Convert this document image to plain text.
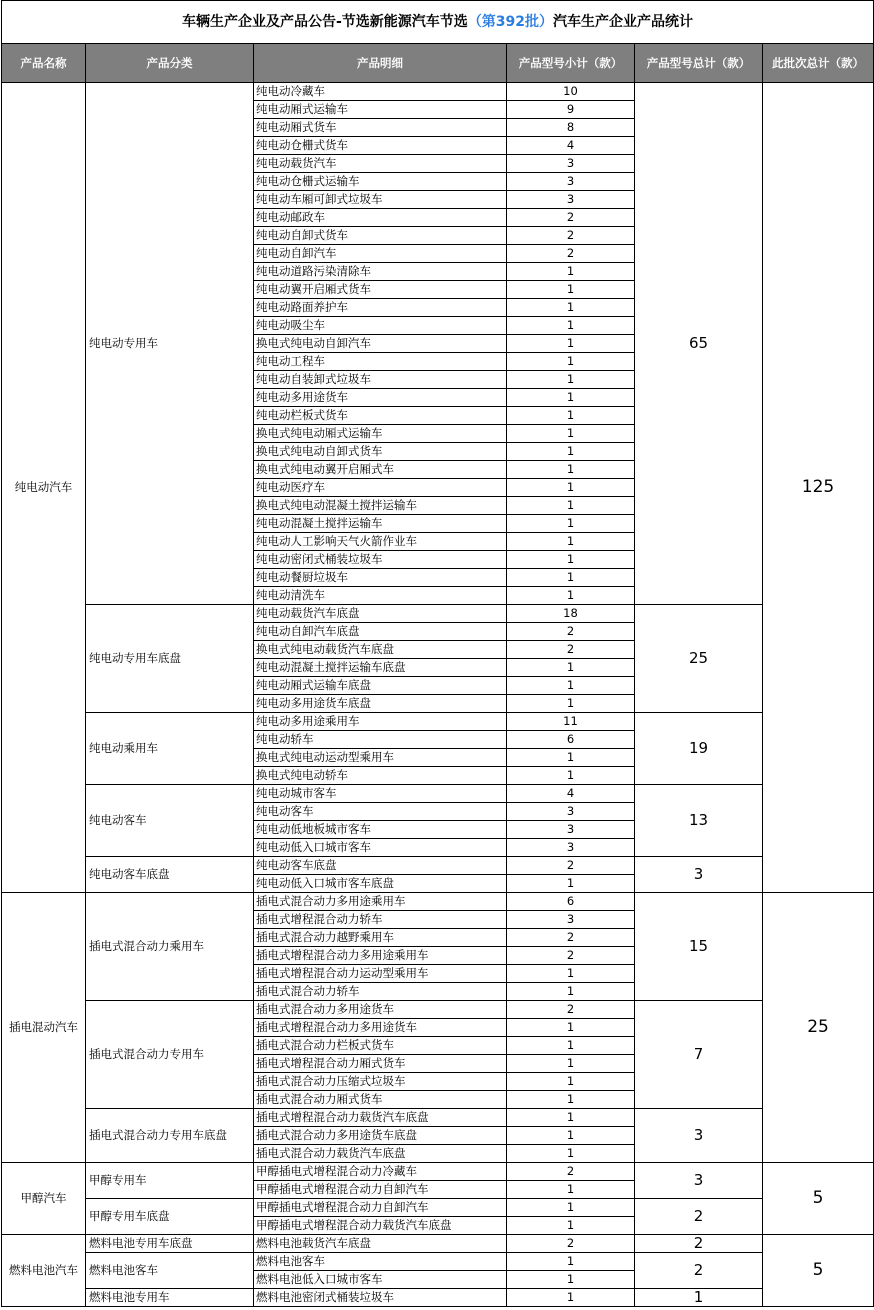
车辆生产企业及产品公告-节选新能源汽车节选（第392批）汽车生产企业产品统计					
产品名称	产品分类	产品明细	产品型号小计（款）	产品型号总计（款）	此批次总计（款）
纯电动汽车	纯电动专用车	纯电动冷藏车	10	65	125
		纯电动厢式运输车	9		
		纯电动厢式货车	8		
		纯电动仓栅式货车	4		
		纯电动载货汽车	3		
		纯电动仓栅式运输车	3		
		纯电动车厢可卸式垃圾车	3		
		纯电动邮政车	2		
		纯电动自卸式货车	2		
		纯电动自卸汽车	2		
		纯电动道路污染清除车	1		
		纯电动翼开启厢式货车	1		
		纯电动路面养护车	1		
		纯电动吸尘车	1		
		换电式纯电动自卸汽车	1		
		纯电动工程车	1		
		纯电动自装卸式垃圾车	1		
		纯电动多用途货车	1		
		纯电动栏板式货车	1		
		换电式纯电动厢式运输车	1		
		换电式纯电动自卸式货车	1		
		换电式纯电动翼开启厢式车	1		
		纯电动医疗车	1		
		换电式纯电动混凝土搅拌运输车	1		
		纯电动混凝土搅拌运输车	1		
		纯电动人工影响天气火箭作业车	1		
		纯电动密闭式桶装垃圾车	1		
		纯电动餐厨垃圾车	1		
		纯电动清洗车	1		
	纯电动专用车底盘	纯电动载货汽车底盘	18	25	
		纯电动自卸汽车底盘	2		
		换电式纯电动载货汽车底盘	2		
		纯电动混凝土搅拌运输车底盘	1		
		纯电动厢式运输车底盘	1		
		纯电动多用途货车底盘	1		
	纯电动乘用车	纯电动多用途乘用车	11	19	
		纯电动轿车	6		
		换电式纯电动运动型乘用车	1		
		换电式纯电动轿车	1		
	纯电动客车	纯电动城市客车	4	13	
		纯电动客车	3		
		纯电动低地板城市客车	3		
		纯电动低入口城市客车	3		
	纯电动客车底盘	纯电动客车底盘	2	3	
		纯电动低入口城市客车底盘	1		
插电混动汽车	插电式混合动力乘用车	插电式混合动力多用途乘用车	6	15	25
		插电式增程混合动力轿车	3		
		插电式混合动力越野乘用车	2		
		插电式增程混合动力多用途乘用车	2		
		插电式增程混合动力运动型乘用车	1		
		插电式混合动力轿车	1		
	插电式混合动力专用车	插电式混合动力多用途货车	2	7	
		插电式增程混合动力多用途货车	1		
		插电式混合动力栏板式货车	1		
		插电式增程混合动力厢式货车	1		
		插电式混合动力压缩式垃圾车	1		
		插电式混合动力厢式货车	1		
	插电式混合动力专用车底盘	插电式增程混合动力载货汽车底盘	1	3	
		插电式混合动力多用途货车底盘	1		
		插电式混合动力载货汽车底盘	1		
甲醇汽车	甲醇专用车	甲醇插电式增程混合动力冷藏车	2	3	5
		甲醇插电式增程混合动力自卸汽车	1		
	甲醇专用车底盘	甲醇插电式增程混合动力自卸汽车	1	2	
		甲醇插电式增程混合动力载货汽车底盘	1		
燃料电池汽车	燃料电池专用车底盘	燃料电池载货汽车底盘	2	2	5
	燃料电池客车	燃料电池客车	1	2	
		燃料电池低入口城市客车	1		
	燃料电池专用车	燃料电池密闭式桶装垃圾车	1	1	
